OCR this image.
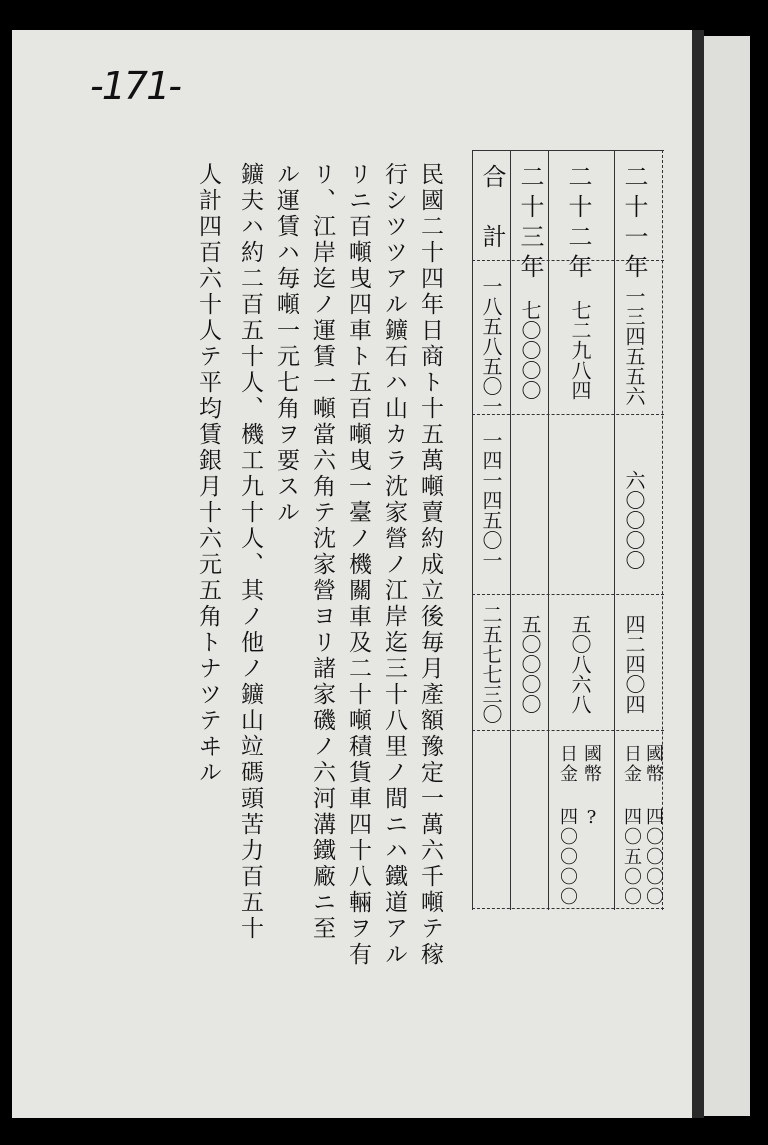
-171-
二十一年
一三四五五六
六〇〇〇〇
四二四〇四
日金 四〇五〇〇 國幣 四〇〇〇〇
二十二年
七二九八四
五〇八六八
日金 四〇〇〇〇 國幣 ?
二十三年
七〇〇〇〇
五〇〇〇〇
合　計
一八五八五〇一
一四一四五〇一
二五七七三〇
民國二十四年日商ト十五萬噸賣約成立後毎月產額豫定一萬六千噸テ稼
行シツツアル鑛石ハ山カラ沈家營ノ江岸迄三十八里ノ間ニハ鐵道アル
リニ百噸曳四車ト五百噸曳一臺ノ機關車及二十噸積貨車四十八輛ヲ有
リ、江岸迄ノ運賃一噸當六角テ沈家營ヨリ諸家磯ノ六河溝鐵廠ニ至
ル運賃ハ毎噸一元七角ヲ要スル
鑛夫ハ約二百五十人、機工九十人、其ノ他ノ鑛山竝碼頭苦力百五十
人計四百六十人テ平均賃銀月十六元五角トナツテヰル
